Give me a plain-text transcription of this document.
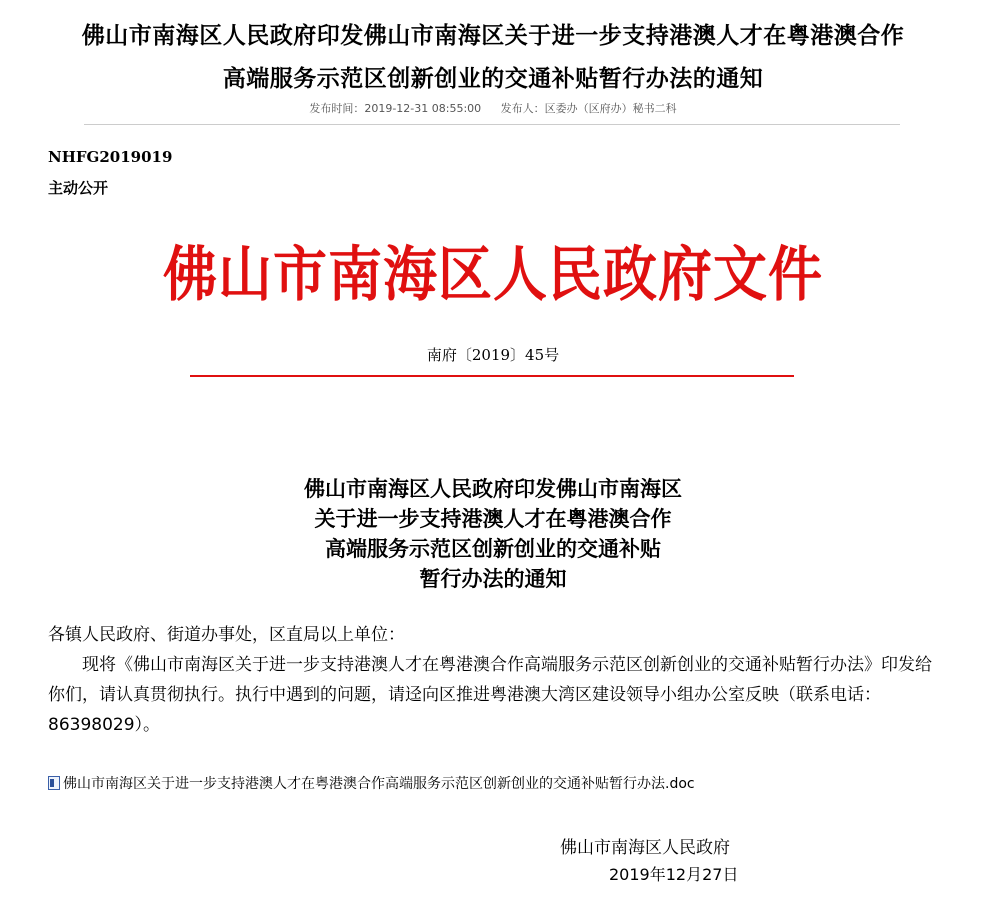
佛山市南海区人民政府印发佛山市南海区关于进一步支持港澳人才在粤港澳合作
高端服务示范区创新创业的交通补贴暂行办法的通知
发布时间：2019-12-31 08:55:00 发布人：区委办（区府办）秘书二科
NHFG2019019
主动公开
佛山市南海区人民政府文件
南府〔2019〕45号
佛山市南海区人民政府印发佛山市南海区
关于进一步支持港澳人才在粤港澳合作
高端服务示范区创新创业的交通补贴
暂行办法的通知
各镇人民政府、街道办事处，区直局以上单位：
现将《佛山市南海区关于进一步支持港澳人才在粤港澳合作高端服务示范区创新创业的交通补贴暂行办法》印发给你们，请认真贯彻执行。执行中遇到的问题，请迳向区推进粤港澳大湾区建设领导小组办公室反映（联系电话：86398029）。
佛山市南海区关于进一步支持港澳人才在粤港澳合作高端服务示范区创新创业的交通补贴暂行办法.doc
佛山市南海区人民政府
2019年12月27日
